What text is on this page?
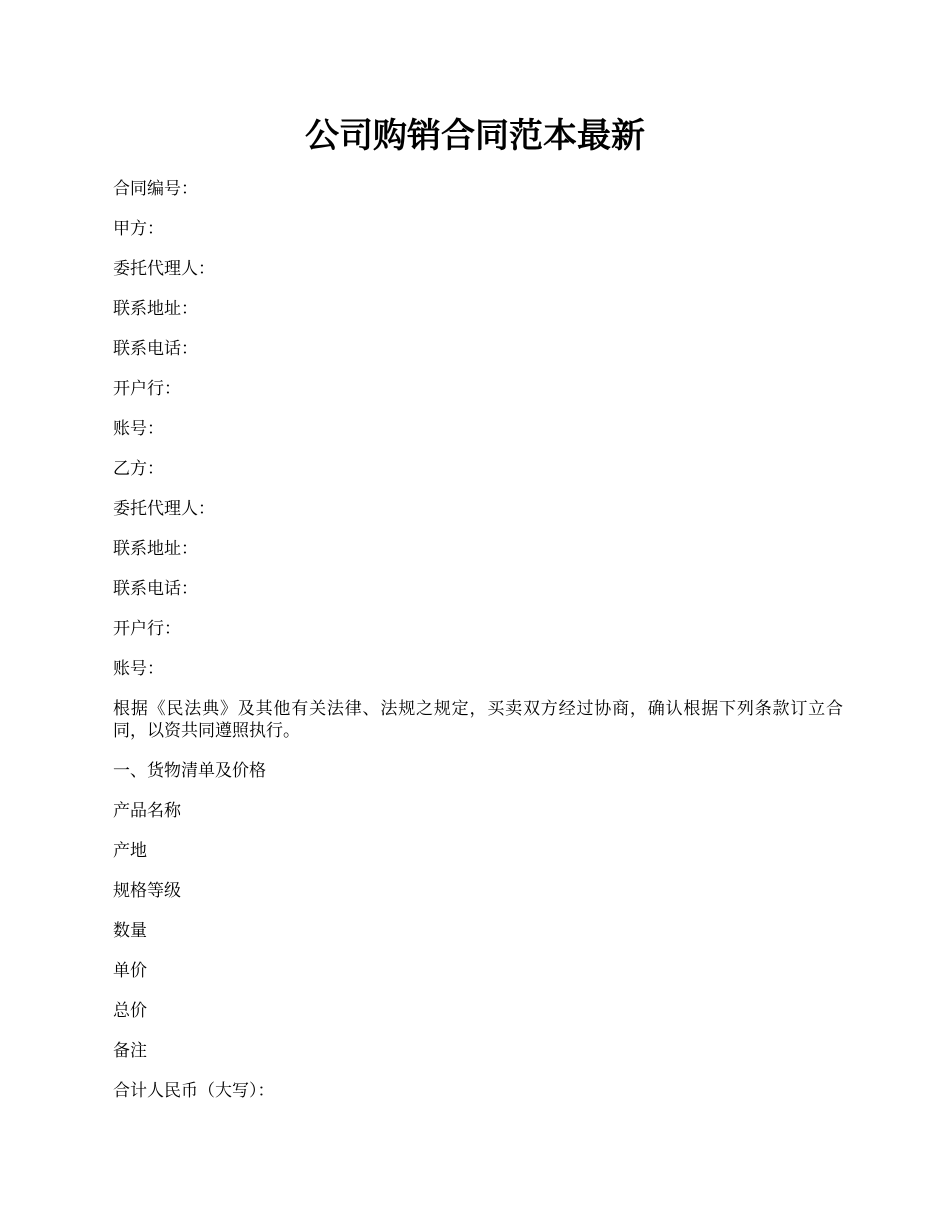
公司购销合同范本最新

合同编号：

甲方：

委托代理人：

联系地址：

联系电话：

开户行：

账号：

乙方：

委托代理人：

联系地址：

联系电话：

开户行：

账号：

根据《民法典》及其他有关法律、法规之规定，买卖双方经过协商，确认根据下列条款订立合同，以资共同遵照执行。

一、货物清单及价格

产品名称

产地

规格等级

数量

单价

总价

备注

合计人民币（大写）：
